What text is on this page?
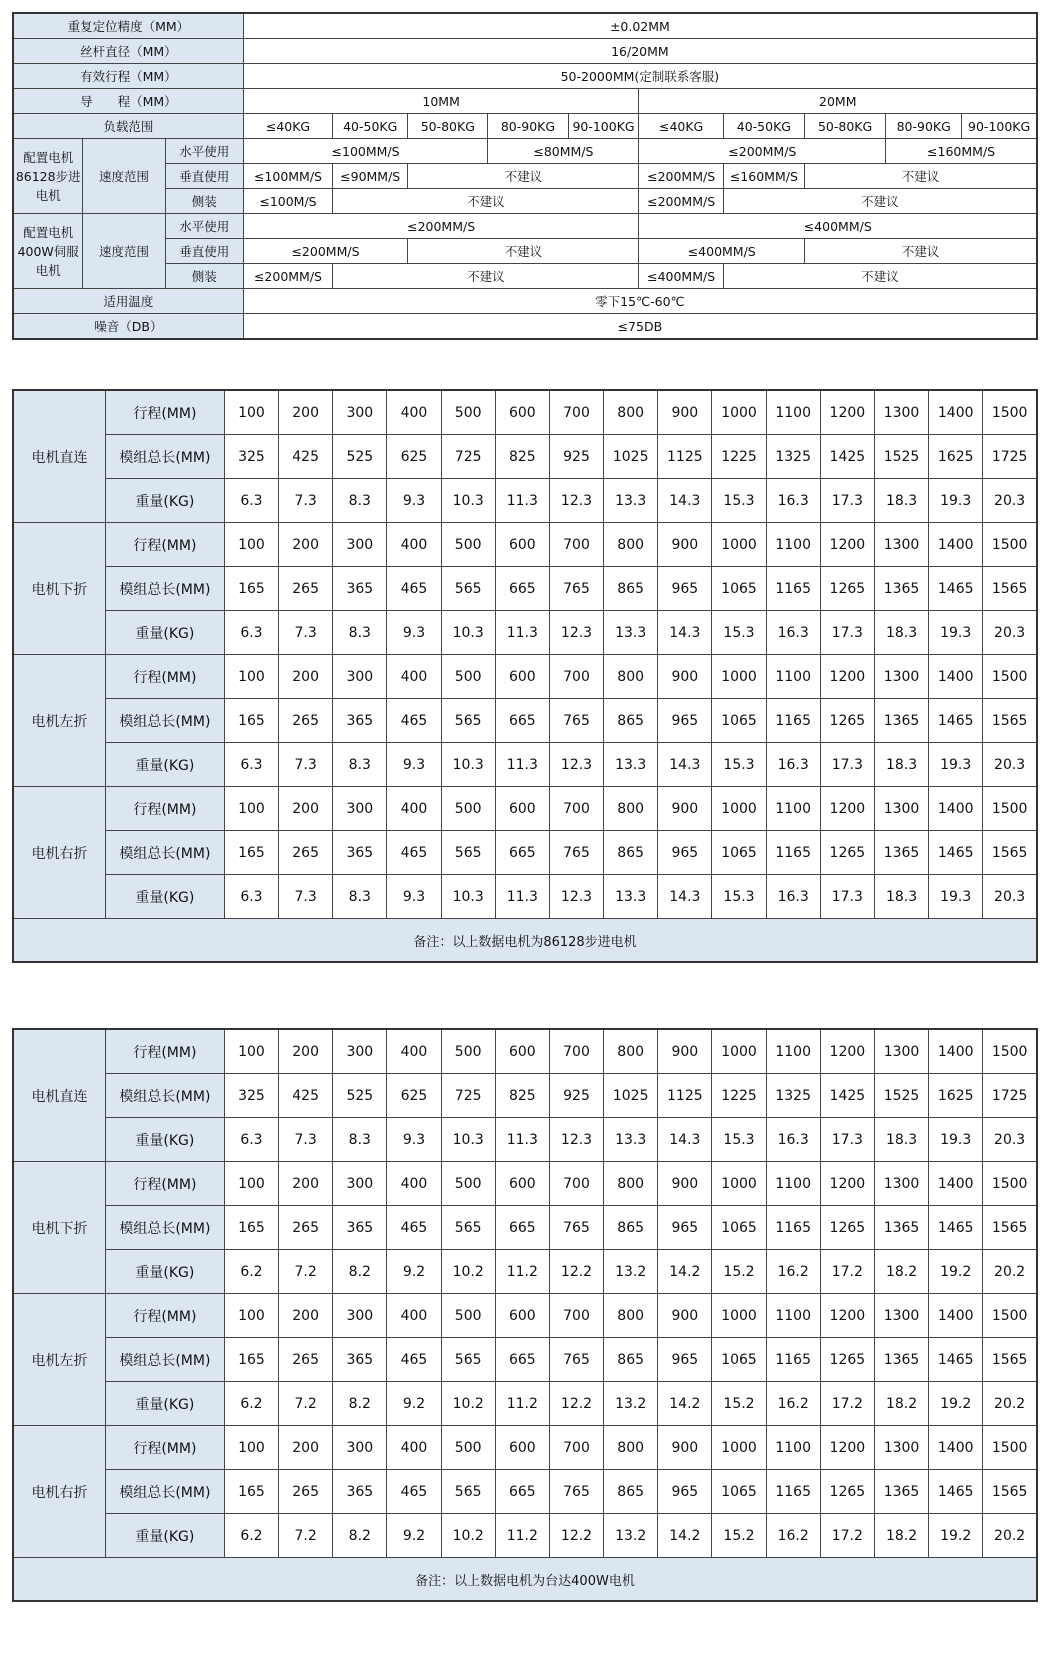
重复定位精度（MM）			±0.02MM									
丝杆直径（MM）			16/20MM									
有效行程（MM）			50-2000MM(定制联系客服)									
导　　程（MM）			10MM					20MM				
负载范围			≤40KG	40-50KG	50-80KG	80-90KG	90-100KG	≤40KG	40-50KG	50-80KG	80-90KG	90-100KG
配置电机86128步进电机	速度范围	水平使用	≤100MM/S			≤80MM/S		≤200MM/S			≤160MM/S	
		垂直使用	≤100MM/S	≤90MM/S	不建议			≤200MM/S	≤160MM/S	不建议		
		侧装	≤100M/S	不建议				≤200MM/S	不建议			
配置电机400W伺服电机	速度范围	水平使用	≤200MM/S					≤400MM/S				
		垂直使用	≤200MM/S		不建议			≤400MM/S		不建议		
		侧装	≤200MM/S	不建议				≤400MM/S	不建议			
适用温度			零下15℃-60℃									
噪音（DB）			≤75DB									
电机直连	行程(MM)	100	200	300	400	500	600	700	800	900	1000	1100	1200	1300	1400	1500
	模组总长(MM)	325	425	525	625	725	825	925	1025	1125	1225	1325	1425	1525	1625	1725
	重量(KG)	6.3	7.3	8.3	9.3	10.3	11.3	12.3	13.3	14.3	15.3	16.3	17.3	18.3	19.3	20.3
电机下折	行程(MM)	100	200	300	400	500	600	700	800	900	1000	1100	1200	1300	1400	1500
	模组总长(MM)	165	265	365	465	565	665	765	865	965	1065	1165	1265	1365	1465	1565
	重量(KG)	6.3	7.3	8.3	9.3	10.3	11.3	12.3	13.3	14.3	15.3	16.3	17.3	18.3	19.3	20.3
电机左折	行程(MM)	100	200	300	400	500	600	700	800	900	1000	1100	1200	1300	1400	1500
	模组总长(MM)	165	265	365	465	565	665	765	865	965	1065	1165	1265	1365	1465	1565
	重量(KG)	6.3	7.3	8.3	9.3	10.3	11.3	12.3	13.3	14.3	15.3	16.3	17.3	18.3	19.3	20.3
电机右折	行程(MM)	100	200	300	400	500	600	700	800	900	1000	1100	1200	1300	1400	1500
	模组总长(MM)	165	265	365	465	565	665	765	865	965	1065	1165	1265	1365	1465	1565
	重量(KG)	6.3	7.3	8.3	9.3	10.3	11.3	12.3	13.3	14.3	15.3	16.3	17.3	18.3	19.3	20.3
备注：以上数据电机为86128步进电机																
电机直连	行程(MM)	100	200	300	400	500	600	700	800	900	1000	1100	1200	1300	1400	1500
	模组总长(MM)	325	425	525	625	725	825	925	1025	1125	1225	1325	1425	1525	1625	1725
	重量(KG)	6.3	7.3	8.3	9.3	10.3	11.3	12.3	13.3	14.3	15.3	16.3	17.3	18.3	19.3	20.3
电机下折	行程(MM)	100	200	300	400	500	600	700	800	900	1000	1100	1200	1300	1400	1500
	模组总长(MM)	165	265	365	465	565	665	765	865	965	1065	1165	1265	1365	1465	1565
	重量(KG)	6.2	7.2	8.2	9.2	10.2	11.2	12.2	13.2	14.2	15.2	16.2	17.2	18.2	19.2	20.2
电机左折	行程(MM)	100	200	300	400	500	600	700	800	900	1000	1100	1200	1300	1400	1500
	模组总长(MM)	165	265	365	465	565	665	765	865	965	1065	1165	1265	1365	1465	1565
	重量(KG)	6.2	7.2	8.2	9.2	10.2	11.2	12.2	13.2	14.2	15.2	16.2	17.2	18.2	19.2	20.2
电机右折	行程(MM)	100	200	300	400	500	600	700	800	900	1000	1100	1200	1300	1400	1500
	模组总长(MM)	165	265	365	465	565	665	765	865	965	1065	1165	1265	1365	1465	1565
	重量(KG)	6.2	7.2	8.2	9.2	10.2	11.2	12.2	13.2	14.2	15.2	16.2	17.2	18.2	19.2	20.2
备注：以上数据电机为台达400W电机																
